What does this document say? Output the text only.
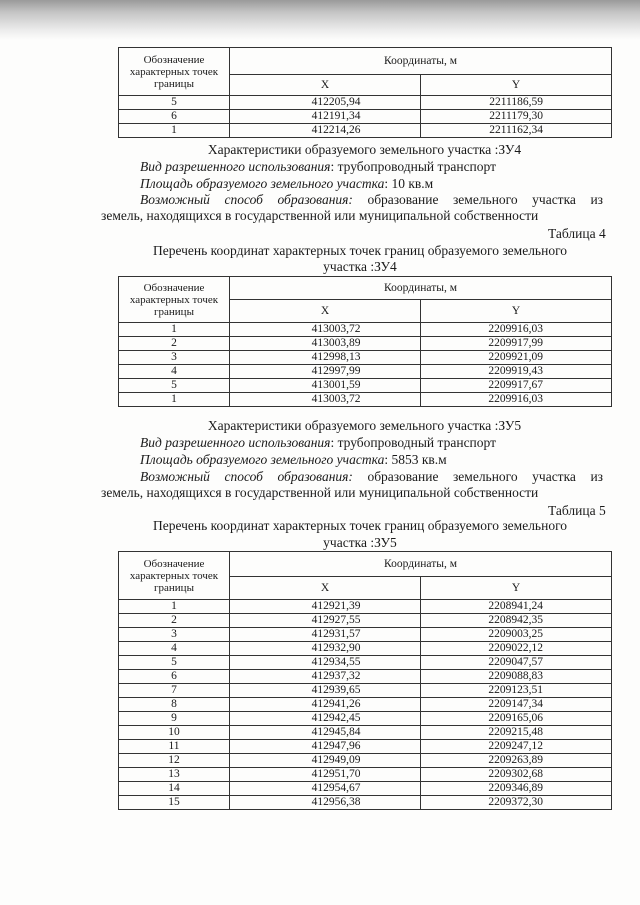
Обозначение характерных точек границы	Координаты, м	
	X	Y
5	412205,94	2211186,59
6	412191,34	2211179,30
1	412214,26	2211162,34
Характеристики образуемого земельного участка :ЗУ4
Вид разрешенного использования: трубопроводный транспорт
Площадь образуемого земельного участка: 10 кв.м
Возможный способ образования: образование земельного участка из
земель, находящихся в государственной или муниципальной собственности
Таблица 4
Перечень координат характерных точек границ образуемого земельного
участка :ЗУ4
Обозначение характерных точек границы	Координаты, м	
	X	Y
1	413003,72	2209916,03
2	413003,89	2209917,99
3	412998,13	2209921,09
4	412997,99	2209919,43
5	413001,59	2209917,67
1	413003,72	2209916,03
Характеристики образуемого земельного участка :ЗУ5
Вид разрешенного использования: трубопроводный транспорт
Площадь образуемого земельного участка: 5853 кв.м
Возможный способ образования: образование земельного участка из
земель, находящихся в государственной или муниципальной собственности
Таблица 5
Перечень координат характерных точек границ образуемого земельного
участка :ЗУ5
Обозначение характерных точек границы	Координаты, м	
	X	Y
1	412921,39	2208941,24
2	412927,55	2208942,35
3	412931,57	2209003,25
4	412932,90	2209022,12
5	412934,55	2209047,57
6	412937,32	2209088,83
7	412939,65	2209123,51
8	412941,26	2209147,34
9	412942,45	2209165,06
10	412945,84	2209215,48
11	412947,96	2209247,12
12	412949,09	2209263,89
13	412951,70	2209302,68
14	412954,67	2209346,89
15	412956,38	2209372,30
